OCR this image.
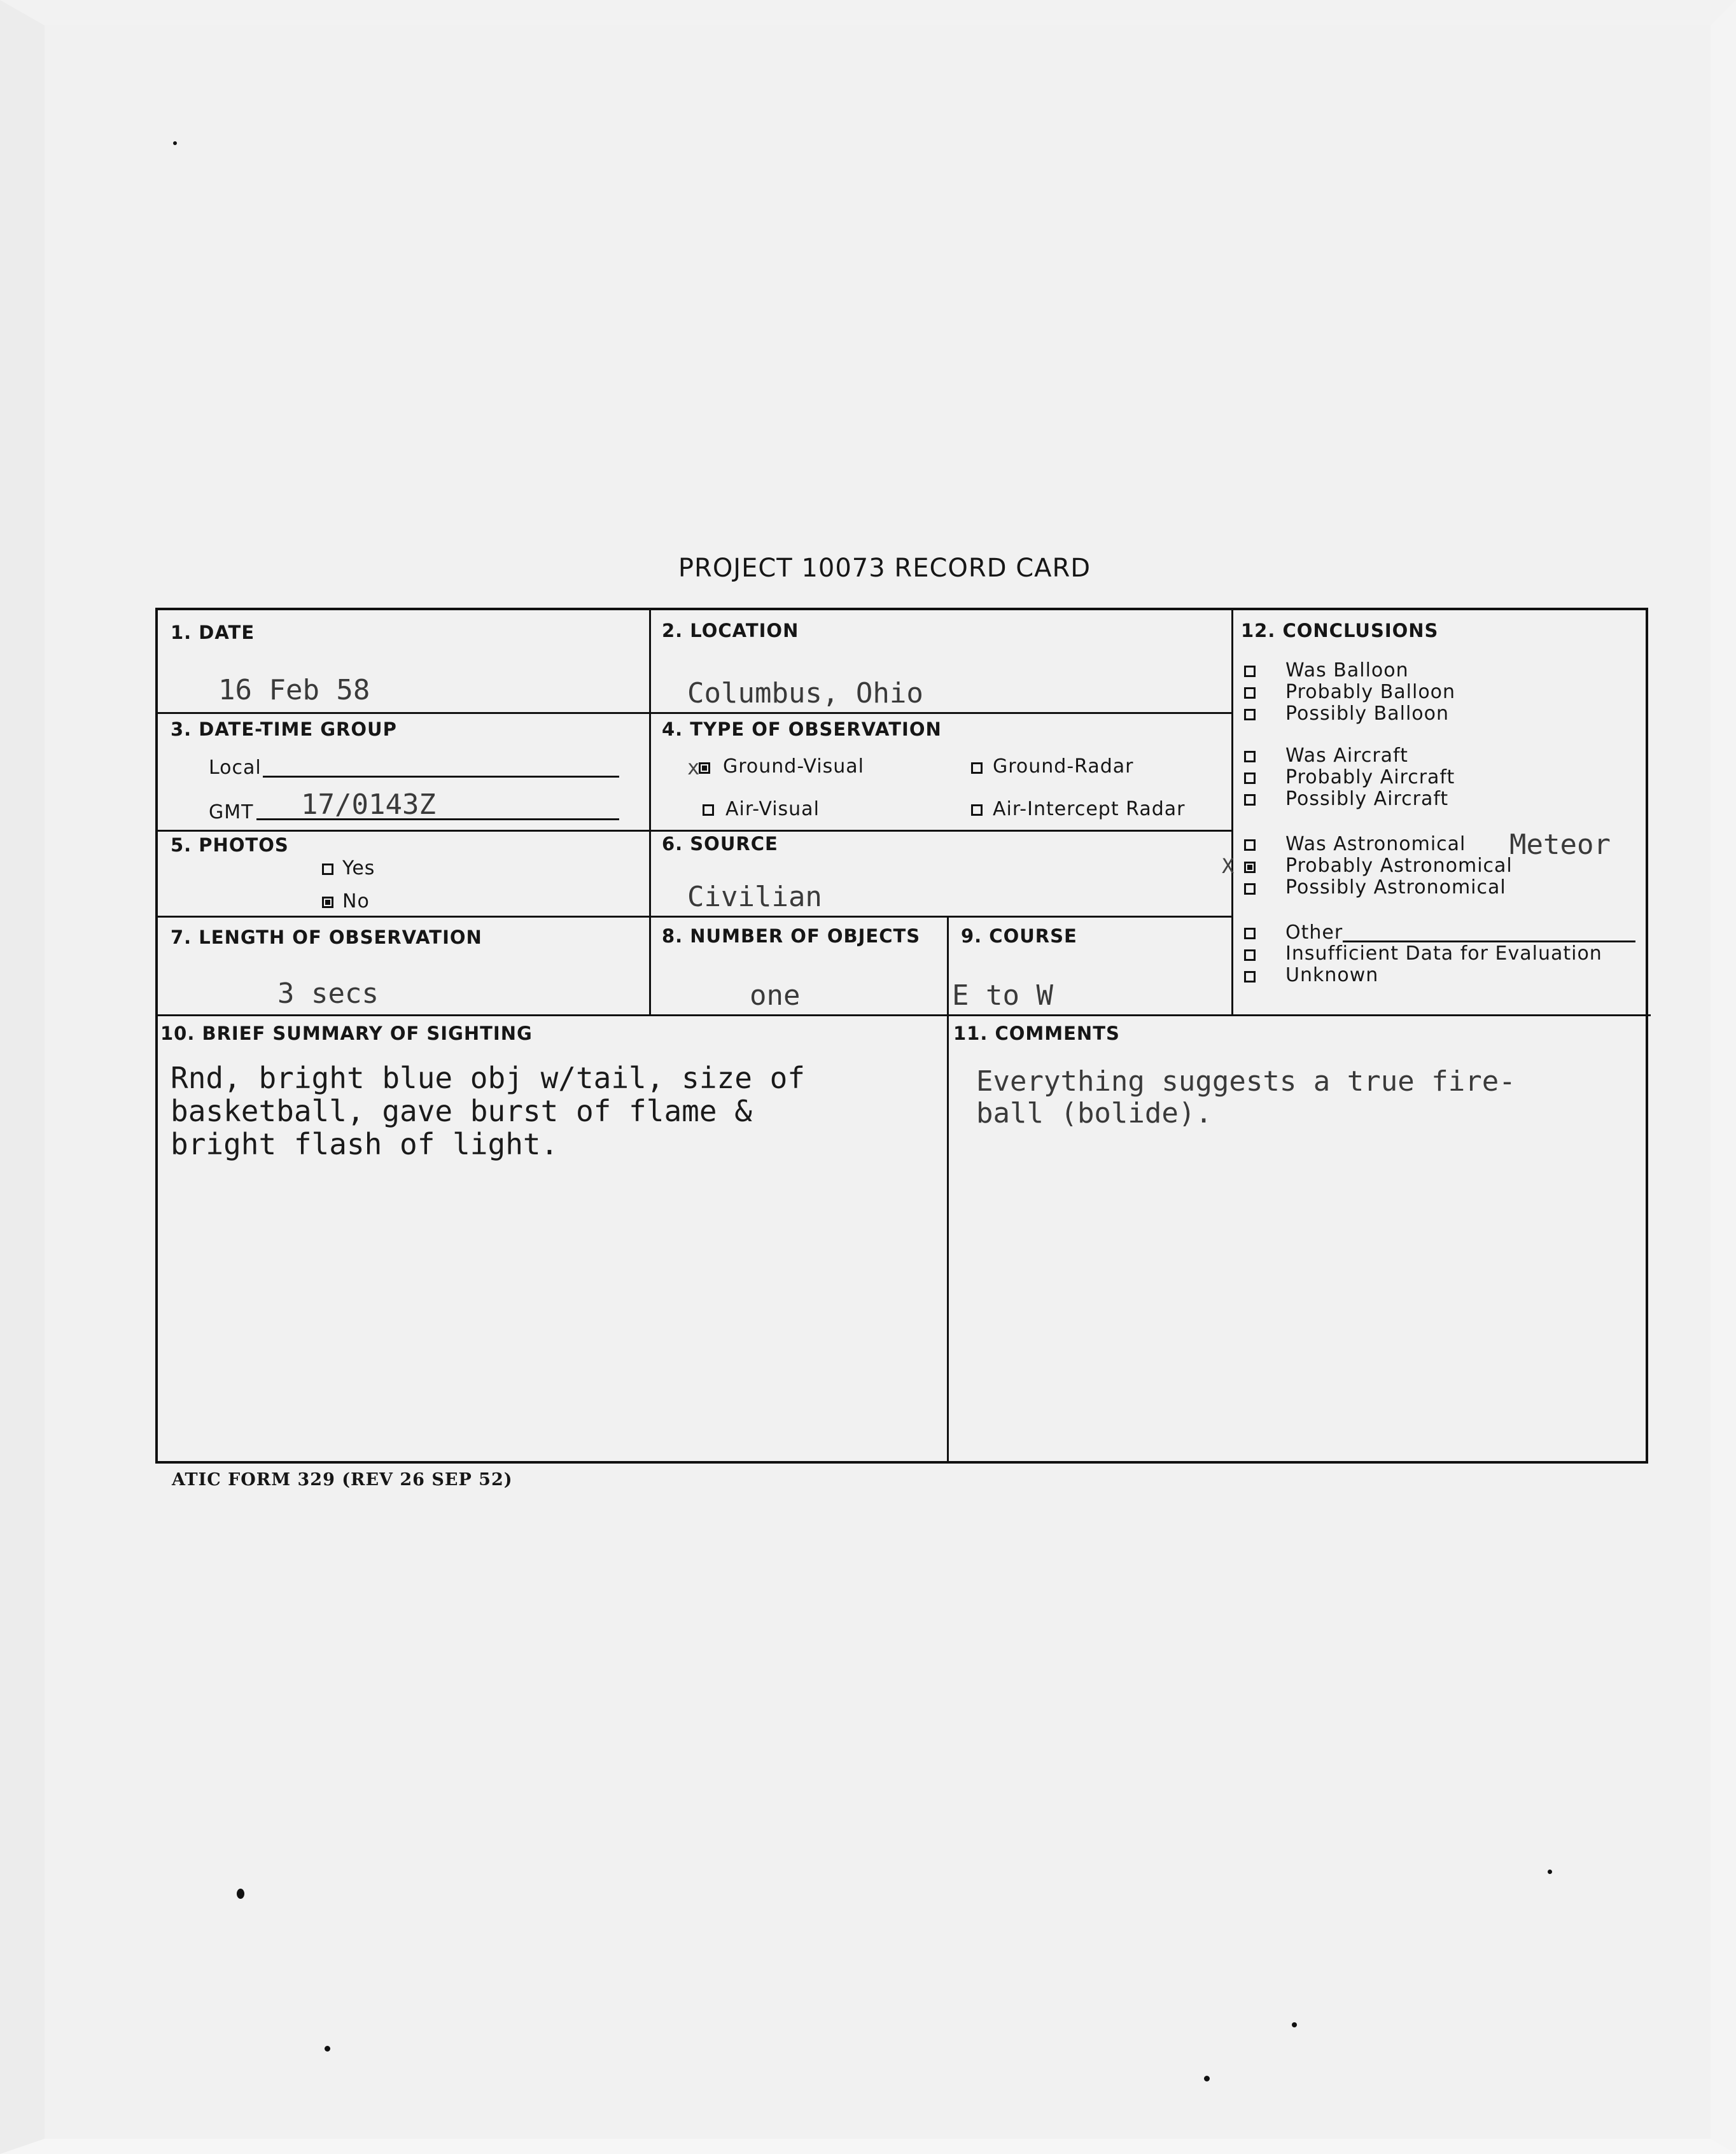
PROJECT 10073 RECORD CARD
1. DATE
16 Feb 58
2. LOCATION
Columbus, Ohio
3. DATE-TIME GROUP
Local
GMT 17/0143Z
4. TYPE OF OBSERVATION
x Ground-Visual	Ground-Radar
Air-Visual	Air-Intercept Radar
5. PHOTOS
Yes
No
6. SOURCE
Civilian
7. LENGTH OF OBSERVATION
3 secs
8. NUMBER OF OBJECTS
one
9. COURSE
E to W
10. BRIEF SUMMARY OF SIGHTING
Rnd, bright blue obj w/tail, size of
basketball, gave burst of flame &
bright flash of light.
11. COMMENTS
Everything suggests a true fire-
ball (bolide).
12. CONCLUSIONS
Was Balloon
Probably Balloon
Possibly Balloon
Was Aircraft
Probably Aircraft
Possibly Aircraft
Was Astronomical Meteor
X	Probably Astronomical
Possibly Astronomical
Other
Insufficient Data for Evaluation
Unknown
ATIC FORM 329 (REV 26 SEP 52)
